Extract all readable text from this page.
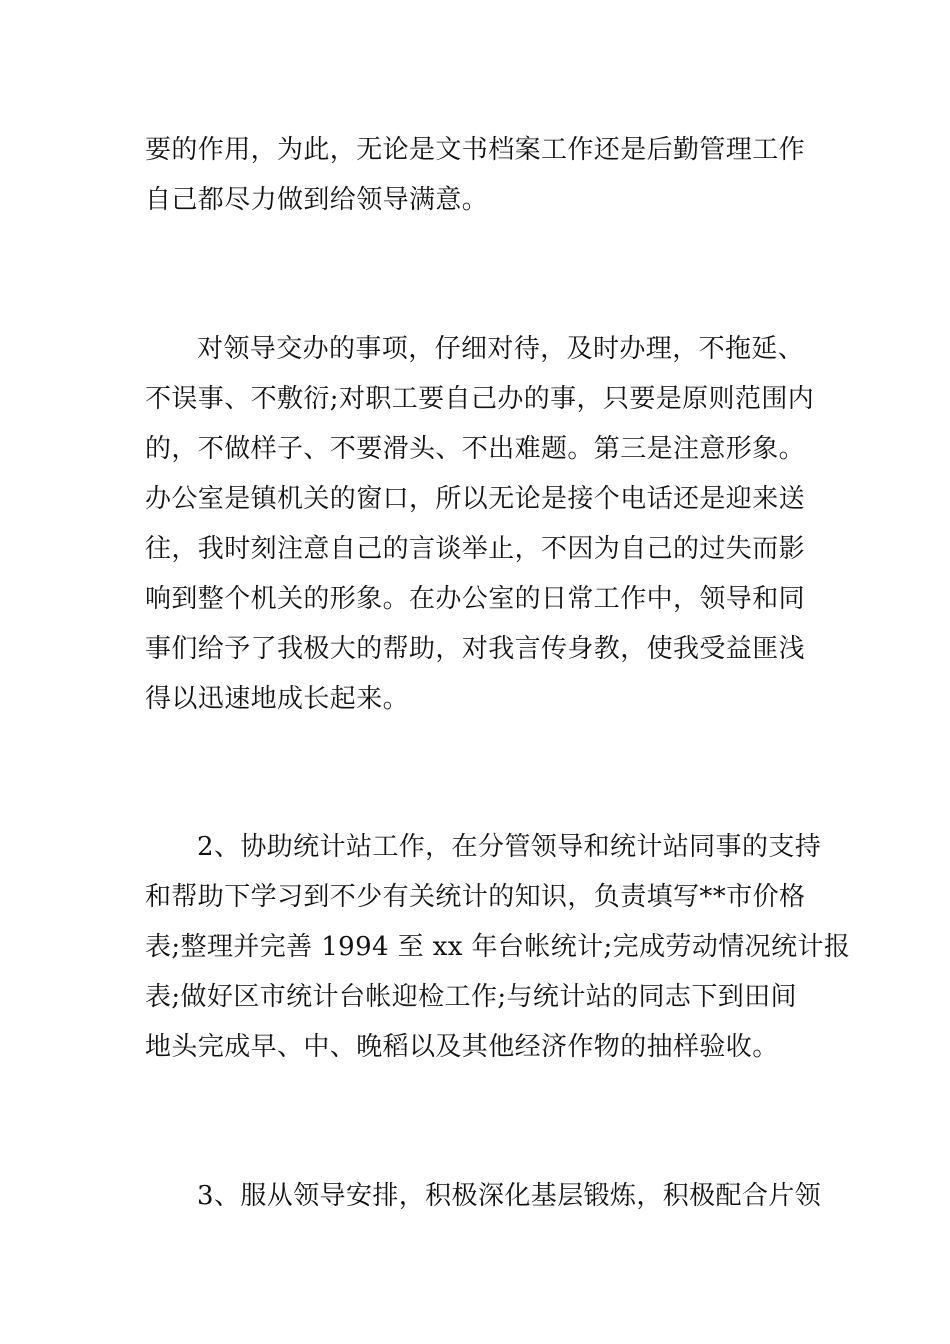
要的作用，为此，无论是文书档案工作还是后勤管理工作
自己都尽力做到给领导满意。
对领导交办的事项，仔细对待，及时办理，不拖延、
不误事、不敷衍;对职工要自己办的事，只要是原则范围内
的，不做样子、不要滑头、不出难题。第三是注意形象。
办公室是镇机关的窗口，所以无论是接个电话还是迎来送
往，我时刻注意自己的言谈举止，不因为自己的过失而影
响到整个机关的形象。在办公室的日常工作中，领导和同
事们给予了我极大的帮助，对我言传身教，使我受益匪浅
得以迅速地成长起来。
2、协助统计站工作，在分管领导和统计站同事的支持
和帮助下学习到不少有关统计的知识，负责填写**市价格
表;整理并完善 1994 至 xx 年台帐统计;完成劳动情况统计报
表;做好区市统计台帐迎检工作;与统计站的同志下到田间
地头完成早、中、晚稻以及其他经济作物的抽样验收。
3、服从领导安排，积极深化基层锻炼，积极配合片领
